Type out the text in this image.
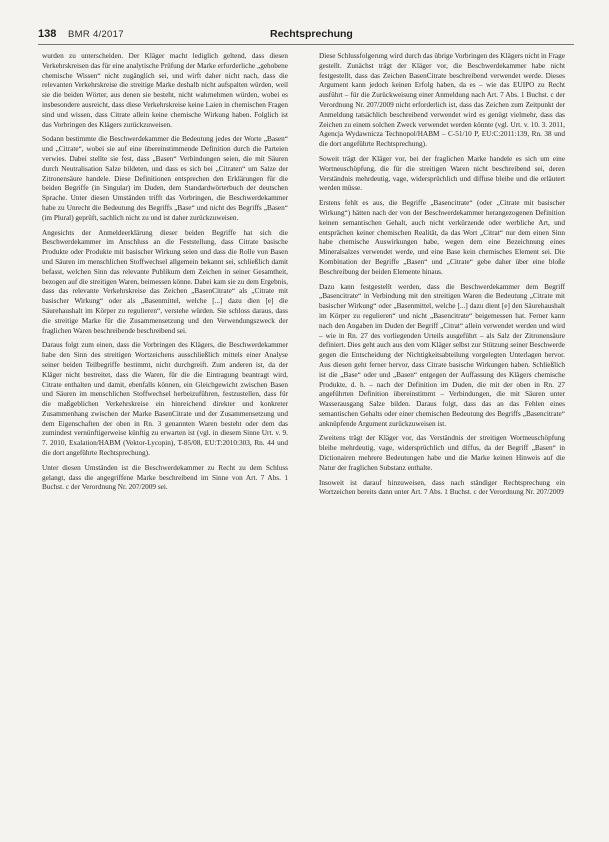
138 BMR 4/2017	Rechtsprechung

wurden zu unterscheiden. Der Kläger macht lediglich geltend, dass diesen Verkehrskreisen das für eine analytische Prüfung der Marke erforderliche „gehobene chemische Wissen“ nicht zugänglich sei, und wirft daher nicht nach, dass die relevanten Verkehrskreise die streitige Marke deshalb nicht aufspalten würden, weil sie die beiden Wörter, aus denen sie besteht, nicht wahrnehmen würden, wobei es insbesondere ausreicht, dass diese Verkehrskreise keine Laien in chemischen Fragen sind und wissen, dass Citrate allein keine chemische Wirkung haben. Folglich ist das Vorbringen des Klägers zurückzuweisen.

Sodann bestimmte die Beschwerdekammer die Bedeutung jedes der Worte „Basen“ und „Citrate“, wobei sie auf eine übereinstimmende Definition durch die Parteien verwies. Dabei stellte sie fest, dass „Basen“ Verbindungen seien, die mit Säuren durch Neutralisation Salze bildeten, und dass es sich bei „Citraten“ um Salze der Zitronensäure handele. Diese Definitionen entsprechen den Erklärungen für die beiden Begriffe (in Singular) im Duden, dem Standardwörterbuch der deutschen Sprache. Unter diesen Umständen trifft das Vorbringen, die Beschwerdekammer habe zu Unrecht die Bedeutung des Begriffs „Base“ und nicht des Begriffs „Basen“ (im Plural) geprüft, sachlich nicht zu und ist daher zurückzuweisen.

Angesichts der Anmeldeerklärung dieser beiden Begriffe hat sich die Beschwerdekammer im Anschluss an die Feststellung, dass Citrate basische Produkte oder Produkte mit basischer Wirkung seien und dass die Rolle von Basen und Säuren im menschlichen Stoffwechsel allgemein bekannt sei, schließlich damit befasst, welchen Sinn das relevante Publikum dem Zeichen in seiner Gesamtheit, bezogen auf die streitigen Waren, beimessen könne. Dabei kam sie zu dem Ergebnis, dass das relevante Verkehrskreise das Zeichen „BasenCitrate“ als „Citrate mit basischer Wirkung“ oder als „Basenmittel, welche [...] dazu dien [e] die Säurehaushalt im Körper zu regulieren“, verstehe würden. Sie schloss daraus, dass die streitige Marke für die Zusammensetzung und den Verwendungszweck der fraglichen Waren beschreibende beschreibend sei.

Daraus folgt zum einen, dass die Vorbringen des Klägers, die Beschwerdekammer habe den Sinn des streitigen Wortzeichens ausschließlich mittels einer Analyse seiner beiden Teilbegriffe bestimmt, nicht durchgreift. Zum anderen ist, da der Kläger nicht bestreitet, dass die Waren, für die die Eintragung beantragt wird, Citrate enthalten und damit, ebenfalls können, ein Gleichgewicht zwischen Basen und Säuren im menschlichen Stoffwechsel herbeizuführen, festzustellen, dass für die maßgeblichen Verkehrskreise ein hinreichend direkter und konkreter Zusammenhang zwischen der Marke BasenCitrate und der Zusammensetzung und dem Eigenschaften der oben in Rn. 3 genannten Waren besteht oder dem das zumindest vernünftigerweise künftig zu erwarten ist (vgl. in diesem Sinne Urt. v. 9. 7. 2010, Exalation/HABM (Vektor-Lycopin), T-85/08, EU:T:2010:303, Rn. 44 und die dort angeführte Rechtsprechung).

Unter diesen Umständen ist die Beschwerdekammer zu Recht zu dem Schluss gelangt, dass die angegriffene Marke beschreibend im Sinne von Art. 7 Abs. 1 Buchst. c der Verordnung Nr. 207/2009 sei.

Diese Schlussfolgerung wird durch das übrige Vorbringen des Klägers nicht in Frage gestellt. Zunächst trägt der Kläger vor, die Beschwerdekammer habe nicht festgestellt, dass das Zeichen BasenCitrate beschreibend verwendet werde. Dieses Argument kann jedoch keinen Erfolg haben, da es – wie das EUIPO zu Recht ausführt – für die Zurückweisung einer Anmeldung nach Art. 7 Abs. 1 Buchst. c der Verordnung Nr. 207/2009 nicht erforderlich ist, dass das Zeichen zum Zeitpunkt der Anmeldung tatsächlich beschreibend verwendet wird es genügt vielmehr, dass das Zeichen zu einem solchen Zweck verwendet werden könnte (vgl. Urt. v. 10. 3. 2011, Agencja Wydawnicza Technopol/HABM – C-51/10 P, EU:C:2011:139, Rn. 38 und die dort angeführte Rechtsprechung).

Soweit trägt der Kläger vor, bei der fraglichen Marke handele es sich um eine Wortneuschöpfung, die für die streitigen Waren nicht beschreibend sei, deren Verständnis mehrdeutig, vage, widersprüchlich und diffuse bleibe und die erläutert werden müsse.

Erstens fehlt es aus, die Begriffe „Basencitrate“ (oder „Citrate mit basischer Wirkung“) hätten nach der von der Beschwerdekammer herangezogenen Definition keinen semantischen Gehalt, auch nicht verkürzende oder werbliche Art, und entsprächen keiner chemischen Realität, da das Wort „Citrat“ nur dem einen Sinn habe chemische Auswirkungen habe, wegen dem eine Bezeichnung eines Mineralsalzes verwendet werde, und eine Base kein chemisches Element sei. Die Kombination der Begriffe „Basen“ und „Citrate“ gebe daher über eine bloße Beschreibung der beiden Elemente hinaus.

Dazu kann festgestellt werden, dass die Beschwerdekammer dem Begriff „Basencitrate“ in Verbindung mit den streitigen Waren die Bedeutung „Citrate mit basischer Wirkung“ oder „Basenmittel, welche [...] dazu dient [e] den Säurehaushalt im Körper zu regulieren“ und nicht „Basencitrate“ beigemessen hat. Ferner kann nach den Angaben im Duden der Begriff „Citrat“ allein verwendet werden und wird – wie in Rn. 27 des vorliegenden Urteils ausgeführt – als Salz der Zitronensäure definiert. Dies geht auch aus den vom Kläger selbst zur Stützung seiner Beschwerde gegen die Entscheidung der Nichtigkeitsabteilung vorgelegten Unterlagen hervor. Aus diesen geht ferner hervor, dass Citrate basische Wirkungen haben. Schließlich ist die „Base“ oder und „Basen“ entgegen der Auffassung des Klägers chemische Produkte, d. h. – nach der Definition im Duden, die mit der oben in Rn. 27 angeführten Definition übereinstimmt – Verbindungen, die mit Säuren unter Wasserausgang Salze bilden. Daraus folgt, dass das an das Fehlen eines semantischen Gehalts oder einer chemischen Bedeutung des Begriffs „Basencitrate“ anknüpfende Argument zurückzuweisen ist.

Zweitens trägt der Kläger vor, das Verständnis der streitigen Wortneuschöpfung bleibe mehrdeutig, vage, widersprüchlich und diffus, da der Begriff „Basen“ in Dictionairen mehrere Bedeutungen habe und die Marke keinen Hinweis auf die Natur der fraglichen Substanz enthalte.

Insoweit ist darauf hinzuweisen, dass nach ständiger Rechtsprechung ein Wortzeichen bereits dann unter Art. 7 Abs. 1 Buchst. c der Verordnung Nr. 207/2009
